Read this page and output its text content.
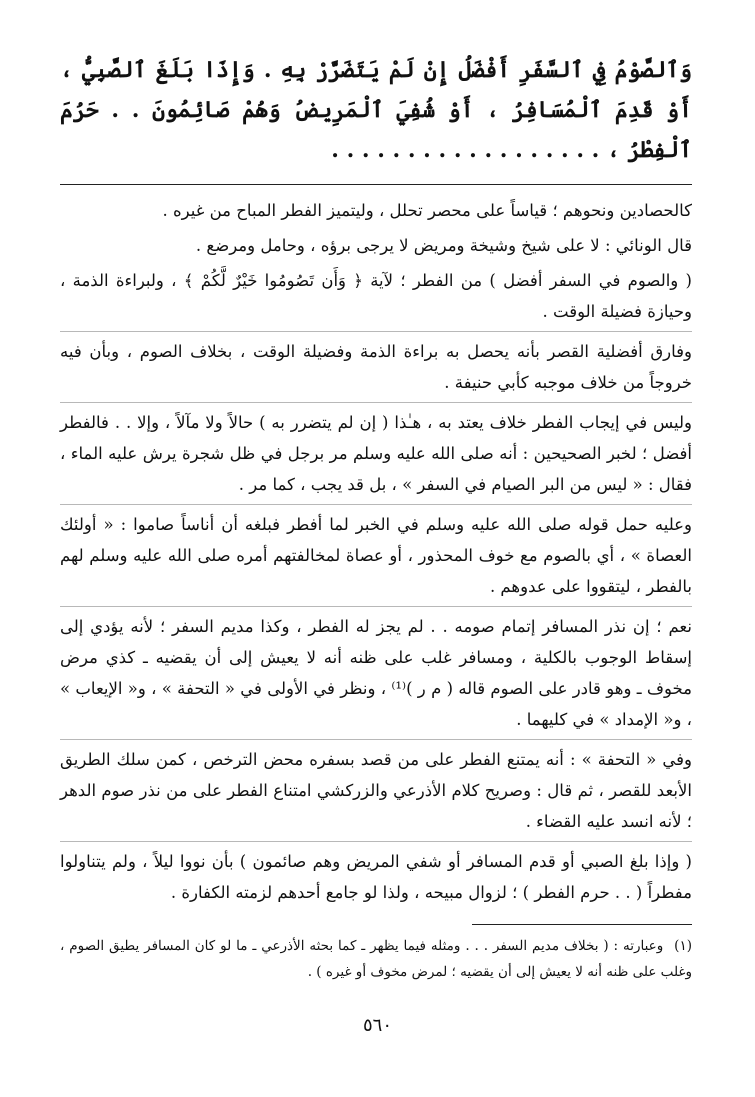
وَٱلصَّوْمُ فِي ٱلسَّفَرِ أَفْضَلُ إِنْ لَمْ يَتَضَرَّرْ بِهِ . وَإِذَا بَلَغَ ٱلصَّبِيُّ ، أَوْ قَدِمَ ٱلْمُسَافِرُ ، أَوْ شُفِيَ ٱلْمَرِيضُ وَهُمْ صَائِمُونَ . . حَرُمَ ٱلْفِطْرُ ، . . . . . . . . . . . . . . . . . .

كالحصادين ونحوهم ؛ قياساً على محصر تحلل ، وليتميز الفطر المباح من غيره .

قال الونائي : لا على شيخ وشيخة ومريض لا يرجى برؤه ، وحامل ومرضع .

( والصوم في السفر أفضل ) من الفطر ؛ لآية ﴿ وَأَن تَصُومُوا خَيْرٌ لَّكُمْ ﴾ ، ولبراءة الذمة ، وحيازة فضيلة الوقت .

وفارق أفضلية القصر بأنه يحصل به براءة الذمة وفضيلة الوقت ، بخلاف الصوم ، وبأن فيه خروجاً من خلاف موجبه كأبي حنيفة .

وليس في إيجاب الفطر خلاف يعتد به ، هـٰذا ( إن لم يتضرر به ) حالاً ولا مآلاً ، وإلا . . فالفطر أفضل ؛ لخبر الصحيحين : أنه صلى الله عليه وسلم مر برجل في ظل شجرة يرش عليه الماء ، فقال : « ليس من البر الصيام في السفر » ، بل قد يجب ، كما مر .

وعليه حمل قوله صلى الله عليه وسلم في الخبر لما أفطر فبلغه أن أناساً صاموا : « أولئك العصاة » ، أي بالصوم مع خوف المحذور ، أو عصاة لمخالفتهم أمره صلى الله عليه وسلم لهم بالفطر ، ليتقووا على عدوهم .

نعم ؛ إن نذر المسافر إتمام صومه . . لم يجز له الفطر ، وكذا مديم السفر ؛ لأنه يؤدي إلى إسقاط الوجوب بالكلية ، ومسافر غلب على ظنه أنه لا يعيش إلى أن يقضيه ـ كذي مرض مخوف ـ وهو قادر على الصوم قاله ( م ر )⁽¹⁾ ، ونظر في الأولى في « التحفة » ، و« الإيعاب » ، و« الإمداد » في كليهما .

وفي « التحفة » : أنه يمتنع الفطر على من قصد بسفره محض الترخص ، كمن سلك الطريق الأبعد للقصر ، ثم قال : وصريح كلام الأذرعي والزركشي امتناع الفطر على من نذر صوم الدهر ؛ لأنه انسد عليه القضاء .

( وإذا بلغ الصبي أو قدم المسافر أو شفي المريض وهم صائمون ) بأن نووا ليلاً ، ولم يتناولوا مفطراً ( . . حرم الفطر ) ؛ لزوال مبيحه ، ولذا لو جامع أحدهم لزمته الكفارة .

(١) وعبارته : ( بخلاف مديم السفر . . . ومثله فيما يظهر ـ كما بحثه الأذرعي ـ ما لو كان المسافر يطيق الصوم ، وغلب على ظنه أنه لا يعيش إلى أن يقضيه ؛ لمرض مخوف أو غيره ) .

٥٦٠
